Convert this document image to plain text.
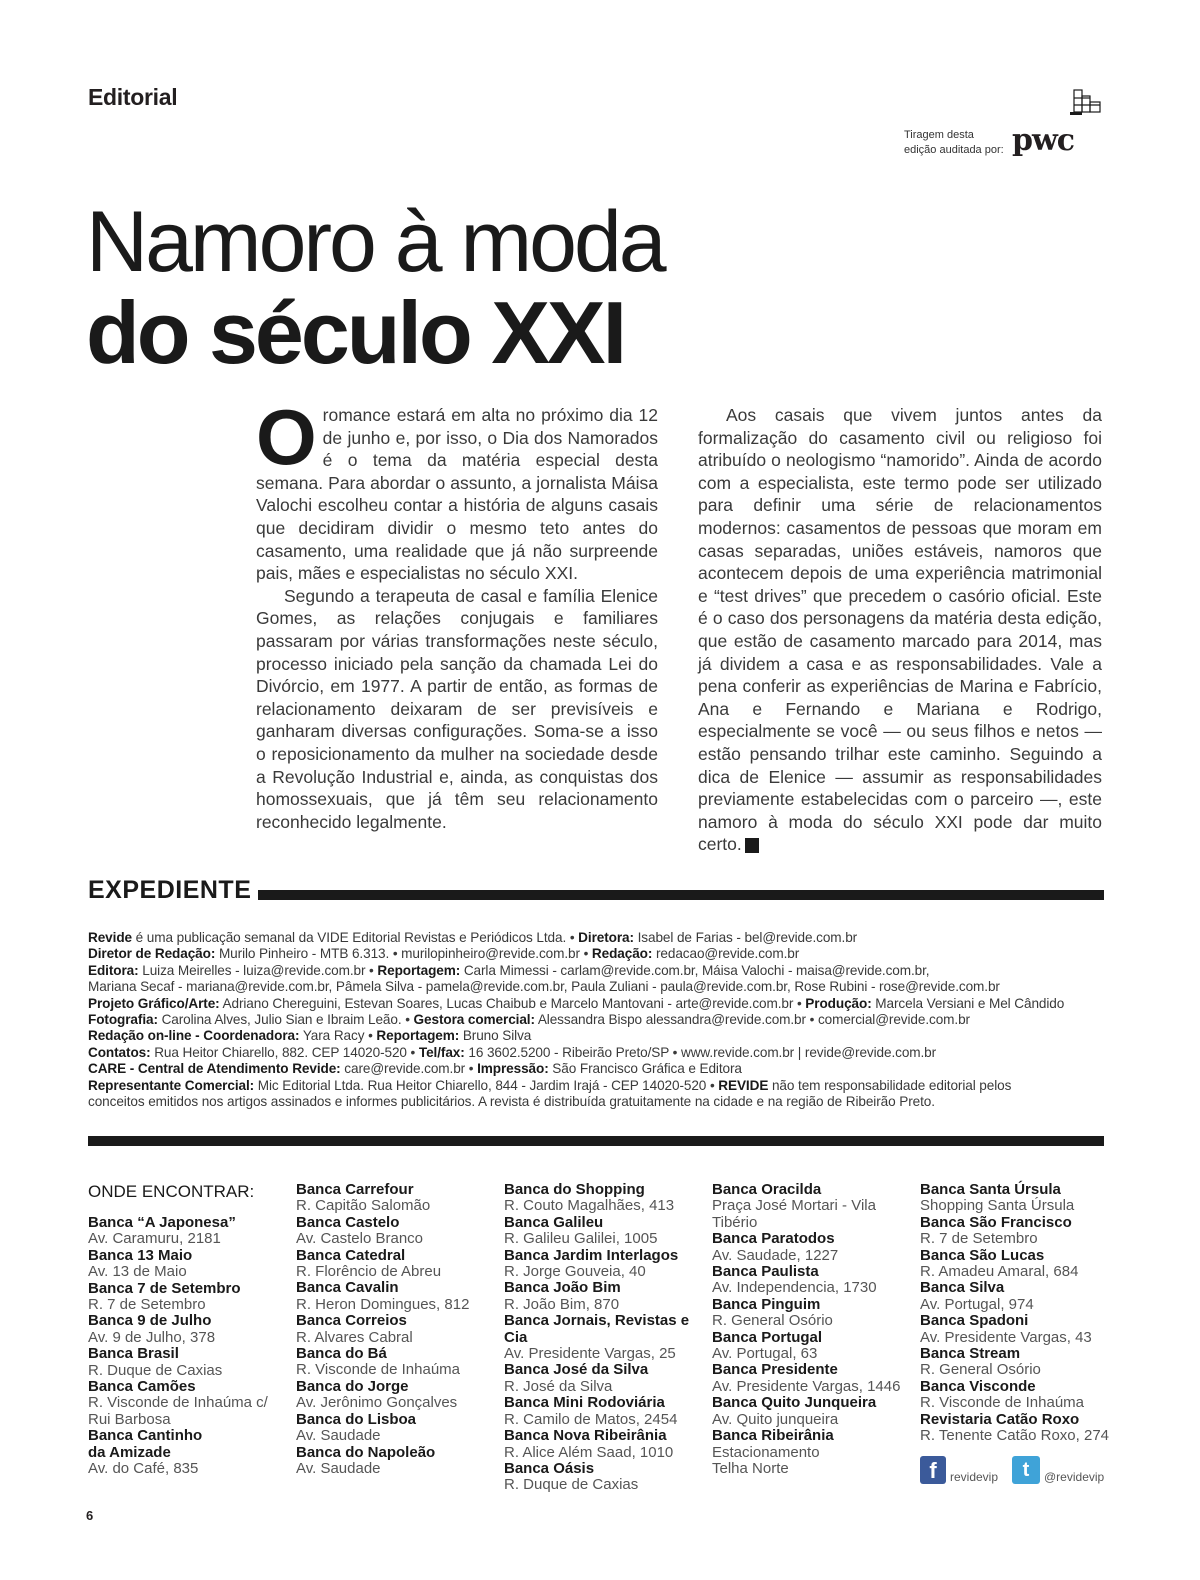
Editorial
Tiragem desta
edição auditada por: pwc
Namoro à moda
do século XXI

Oromance estará em alta no próximo dia 12 de junho e, por isso, o Dia dos Namorados é o tema da matéria especial desta semana. Para abordar o assunto, a jornalista Máisa Valochi escolheu contar a história de alguns casais que decidiram dividir o mesmo teto antes do casamento, uma realidade que já não surpreende pais, mães e especialistas no século XXI.

Segundo a terapeuta de casal e família Elenice Gomes, as relações conjugais e familiares passaram por várias transformações neste século, processo iniciado pela sanção da chamada Lei do Divórcio, em 1977. A partir de então, as formas de relacionamento deixaram de ser previsíveis e ganharam diversas configurações. Soma-se a isso o reposicionamento da mulher na sociedade desde a Revolução Industrial e, ainda, as conquistas dos homossexuais, que já têm seu relacionamento reconhecido legalmente.

Aos casais que vivem juntos antes da formalização do casamento civil ou religioso foi atribuído o neologismo “namorido”. Ainda de acordo com a especialista, este termo pode ser utilizado para definir uma série de relacionamentos modernos: casamentos de pessoas que moram em casas separadas, uniões estáveis, namoros que acontecem depois de uma experiência matrimonial e “test drives” que precedem o casório oficial. Este é o caso dos personagens da matéria desta edição, que estão de casamento marcado para 2014, mas já dividem a casa e as responsabilidades. Vale a pena conferir as experiências de Marina e Fabrício, Ana e Fernando e Mariana e Rodrigo, especialmente se você — ou seus filhos e netos — estão pensando trilhar este caminho. Seguindo a dica de Elenice — assumir as responsabilidades previamente estabelecidas com o parceiro —, este namoro à moda do século XXI pode dar muito certo.	r

EXPEDIENTE
Revide é uma publicação semanal da VIDE Editorial Revistas e Periódicos Ltda. • Diretora: Isabel de Farias - bel@revide.com.br
Diretor de Redação: Murilo Pinheiro - MTB 6.313. • murilopinheiro@revide.com.br • Redação: redacao@revide.com.br
Editora: Luiza Meirelles - luiza@revide.com.br • Reportagem: Carla Mimessi - carlam@revide.com.br, Máisa Valochi - maisa@revide.com.br,
Mariana Secaf - mariana@revide.com.br, Pâmela Silva - pamela@revide.com.br, Paula Zuliani - paula@revide.com.br, Rose Rubini - rose@revide.com.br
Projeto Gráfico/Arte: Adriano Chereguini, Estevan Soares, Lucas Chaibub e Marcelo Mantovani - arte@revide.com.br • Produção: Marcela Versiani e Mel Cândido
Fotografia: Carolina Alves, Julio Sian e Ibraim Leão. • Gestora comercial: Alessandra Bispo alessandra@revide.com.br • comercial@revide.com.br
Redação on-line - Coordenadora: Yara Racy • Reportagem: Bruno Silva
Contatos: Rua Heitor Chiarello, 882. CEP 14020-520 • Tel/fax: 16 3602.5200 - Ribeirão Preto/SP • www.revide.com.br | revide@revide.com.br
CARE - Central de Atendimento Revide: care@revide.com.br • Impressão: São Francisco Gráfica e Editora
Representante Comercial: Mic Editorial Ltda. Rua Heitor Chiarello, 844 - Jardim Irajá - CEP 14020-520 • REVIDE não tem responsabilidade editorial pelos
conceitos emitidos nos artigos assinados e informes publicitários. A revista é distribuída gratuitamente na cidade e na região de Ribeirão Preto.
ONDE ENCONTRAR:
Banca “A Japonesa”
Av. Caramuru, 2181
Banca 13 Maio
Av. 13 de Maio
Banca 7 de Setembro
R. 7 de Setembro
Banca 9 de Julho
Av. 9 de Julho, 378
Banca Brasil
R. Duque de Caxias
Banca Camões
R. Visconde de Inhaúma c/
Rui Barbosa
Banca Cantinho
da Amizade
Av. do Café, 835
Banca Carrefour
R. Capitão Salomão
Banca Castelo
Av. Castelo Branco
Banca Catedral
R. Florêncio de Abreu
Banca Cavalin
R. Heron Domingues, 812
Banca Correios
R. Alvares Cabral
Banca do Bá
R. Visconde de Inhaúma
Banca do Jorge
Av. Jerônimo Gonçalves
Banca do Lisboa
Av. Saudade
Banca do Napoleão
Av. Saudade
Banca do Shopping
R. Couto Magalhães, 413
Banca Galileu
R. Galileu Galilei, 1005
Banca Jardim Interlagos
R. Jorge Gouveia, 40
Banca João Bim
R. João Bim, 870
Banca Jornais, Revistas e Cia
Av. Presidente Vargas, 25
Banca José da Silva
R. José da Silva
Banca Mini Rodoviária
R. Camilo de Matos, 2454
Banca Nova Ribeirânia
R. Alice Além Saad, 1010
Banca Oásis
R. Duque de Caxias
Banca Oracilda
Praça José Mortari - Vila
Tibério
Banca Paratodos
Av. Saudade, 1227
Banca Paulista
Av. Independencia, 1730
Banca Pinguim
R. General Osório
Banca Portugal
Av. Portugal, 63
Banca Presidente
Av. Presidente Vargas, 1446
Banca Quito Junqueira
Av. Quito junqueira
Banca Ribeirânia
Estacionamento
Telha Norte
Banca Santa Úrsula
Shopping Santa Úrsula
Banca São Francisco
R. 7 de Setembro
Banca São Lucas
R. Amadeu Amaral, 684
Banca Silva
Av. Portugal, 974
Banca Spadoni
Av. Presidente Vargas, 43
Banca Stream
R. General Osório
Banca Visconde
R. Visconde de Inhaúma
Revistaria Catão Roxo
R. Tenente Catão Roxo, 274
f	revidevip	t	@revidevip
6
